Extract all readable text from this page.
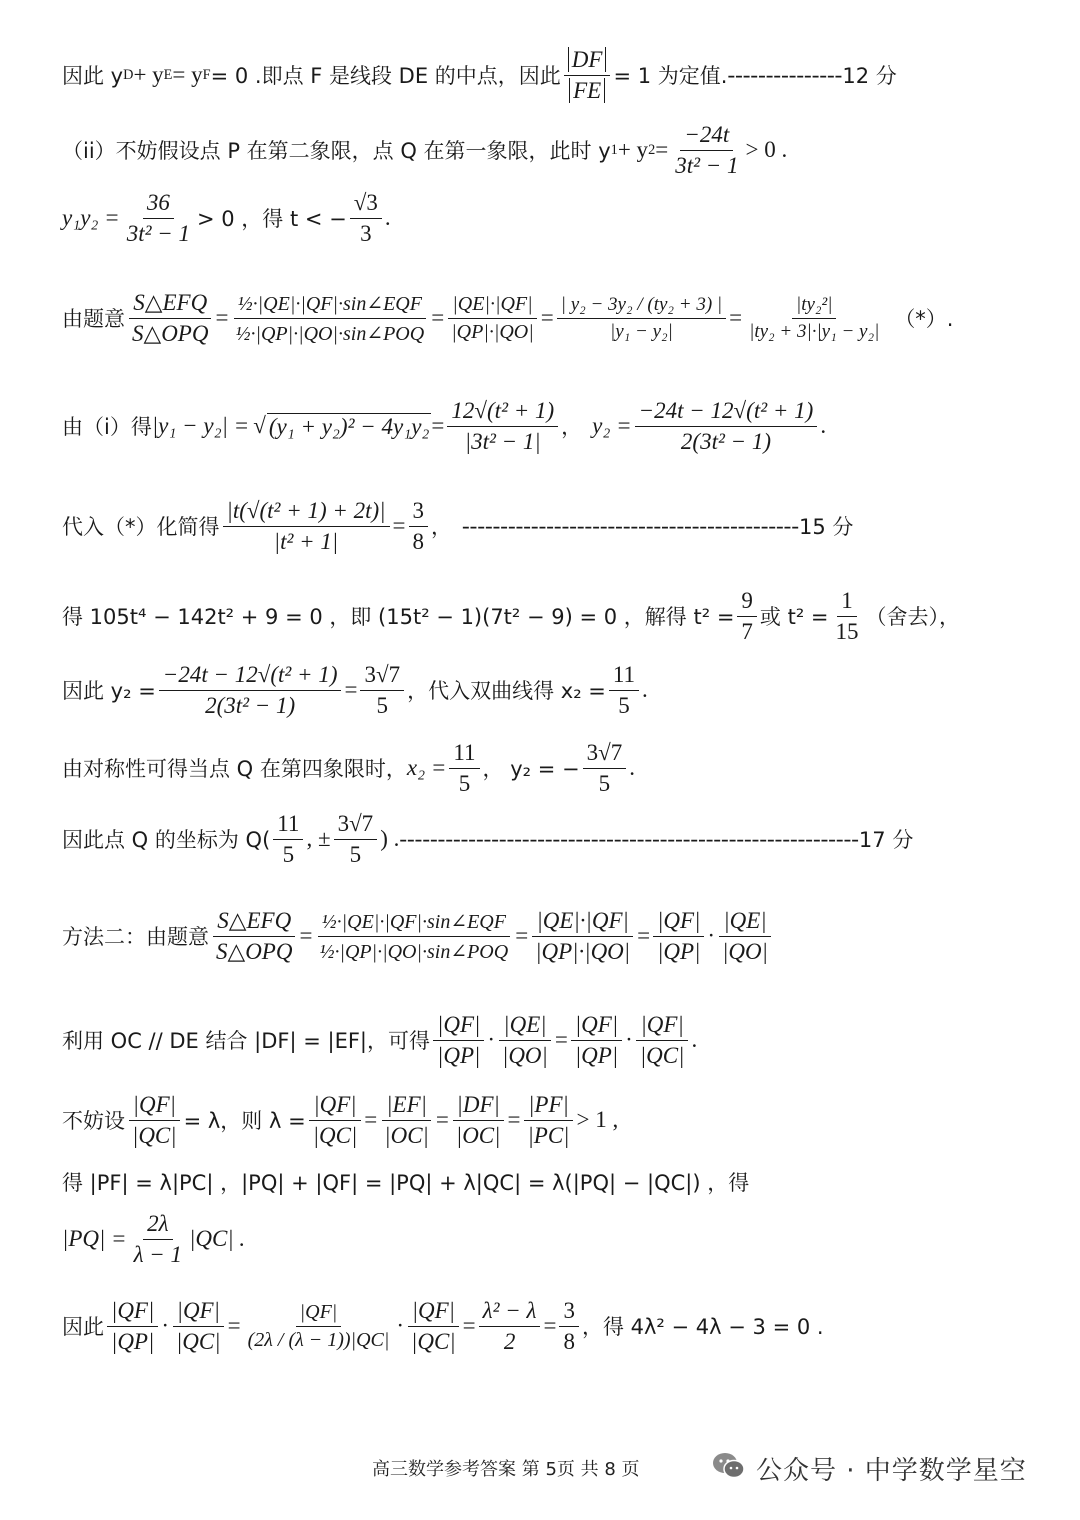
因此 y D + y E = y F = 0 .即点 F 是线段 DE 的中点，因此 $\frac{DF}{FE} = 1$ 为定值. --------------- 12 分
（ii）不妨假设点 P 在第二象限，点 Q 在第一象限，此时 y 1 + y $2 = \frac{-24t}{\text{3t² − 1}} > 0$ .
$y_1y_2 = \frac{36}{\text{3t² − 1}} > 0$ ，得 t < − $\frac{√3}{3}$ .
由题意 $\frac{\text{S△EFQ}}{\text{S△OPQ}} = \frac{\text{½·|QE|·|QF|·sin∠EQF}}{\text{½·|QP|·|QO|·sin∠POQ}} = \frac{|QE|\cdot|QF|}{|QP|\cdot|QO|} = \frac{\text{| y₂ − 3y₂ / (ty₂ + 3) |}}{\text{|y₁ − y₂|}} = \frac{\text{|ty₂²|}}{\text{|ty₂ + 3|·|y₁ − y₂|}}$ （*）.
由（i）得 |y₁ − y₂| = √ $(y_1 + y_2)^2 - 4y_1y_2 = \frac{\text{12√(t² + 1)}}{\text{|3t² − 1|}}$ ， $y_2 = \frac{\text{−24t − 12√(t² + 1)}}{\text{2(3t² − 1)}}$ .
代入（*）化简得 $\frac{\text{|t(√(t² + 1) + 2t)|}}{\text{|t² + 1|}} = \frac{3}{8}$ ， -------------------------------------------- 15 分
得 105t⁴ − 142t² + 9 = 0 ，即 (15t² − 1)(7t² − 9) = 0 ，解得 $t^2 = \frac{9}{7}$ 或 $t^2 = \frac{1}{15}$ （舍去），
因此 $y_2 = \frac{\text{−24t − 12√(t² + 1)}}{\text{2(3t² − 1)}} = \frac{3√7}{5}$ ，代入双曲线得 $x_2 = \frac{11}{5}$ .
由对称性可得当点 Q 在第四象限时， $x_2 = \frac{11}{5}$ ， y₂ = − $\frac{3√7}{5}$ .
因此点 Q 的坐标为 $Q( \frac{11}{5}$ , ± $\frac{3√7}{5}$ ) . ------------------------------------------------------------ 17 分
方法二：由题意 $\frac{\text{S△EFQ}}{\text{S△OPQ}} = \frac{\text{½·|QE|·|QF|·sin∠EQF}}{\text{½·|QP|·|QO|·sin∠POQ}} = \frac{|QE|\cdot|QF|}{|QP|\cdot|QO|} = \frac{|QF|}{|QP|} \cdot \frac{|QE|}{|QO|}$
利用 OC // DE 结合 |DF| = |EF|，可得 $\frac{|QF|}{|QP|} \cdot \frac{|QE|}{|QO|} = \frac{|QF|}{|QP|} \cdot \frac{|QF|}{|QC|}$ .
不妨设 $\frac{|QF|}{|QC|} = \lambda$，则 $\lambda = \frac{|QF|}{|QC|} = \frac{|EF|}{|OC|} = \frac{|DF|}{|OC|} = \frac{|PF|}{|PC|} > 1$ ,
得 |PF| = λ|PC| ，|PQ| + |QF| = |PQ| + λ|QC| = λ(|PQ| − |QC|) ，得
$|PQ| = \frac{2\lambda}{\lambda - 1} |QC|$ .
因此 $\frac{|QF|}{|QP|} \cdot \frac{|QF|}{|QC|} = \frac{|QF|}{(2\lambda / (\lambda - 1))|QC|} \cdot \frac{|QF|}{|QC|} = \frac{\text{λ² − λ}}{2} = \frac{3}{8}$ ，得 4λ² − 4λ − 3 = 0 .
高三数学参考答案 第 5页 共 8 页	公众号 · 中学数学星空
